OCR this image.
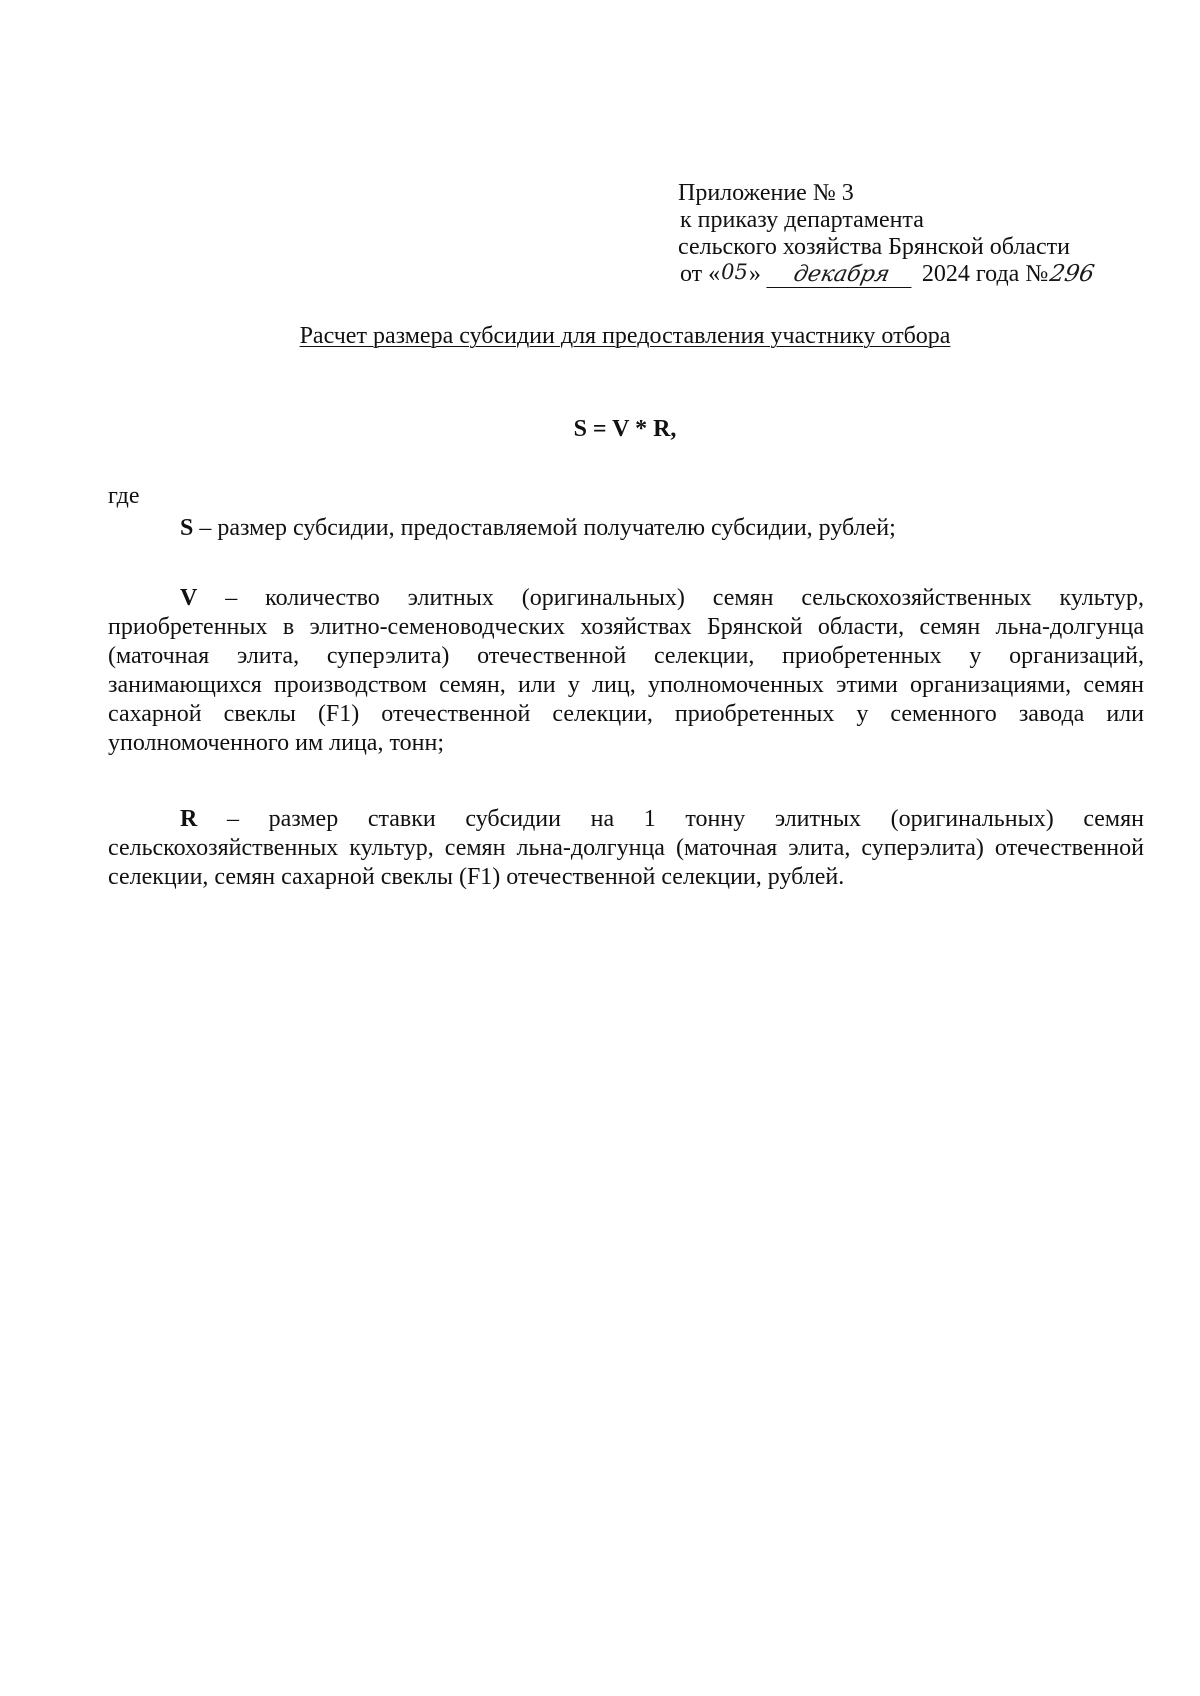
Приложение № 3
к приказу департамента
сельского хозяйства Брянской области
от «05» декабря 2024 года №296
Расчет размера субсидии для предоставления участнику отбора
S = V * R,
где

S – размер субсидии, предоставляемой получателю субсидии, рублей;

V – количество элитных (оригинальных) семян сельскохозяйственных культур, приобретенных в элитно-семеноводческих хозяйствах Брянской области, семян льна-долгунца (маточная элита, суперэлита) отечественной селекции, приобретенных у организаций, занимающихся производством семян, или у лиц, уполномоченных этими организациями, семян сахарной свеклы (F1) отечественной селекции, приобретенных у семенного завода или уполномоченного им лица, тонн;

R – размер ставки субсидии на 1 тонну элитных (оригинальных) семян сельскохозяйственных культур, семян льна-долгунца (маточная элита, суперэлита) отечественной селекции, семян сахарной свеклы (F1) отечественной селекции, рублей.
